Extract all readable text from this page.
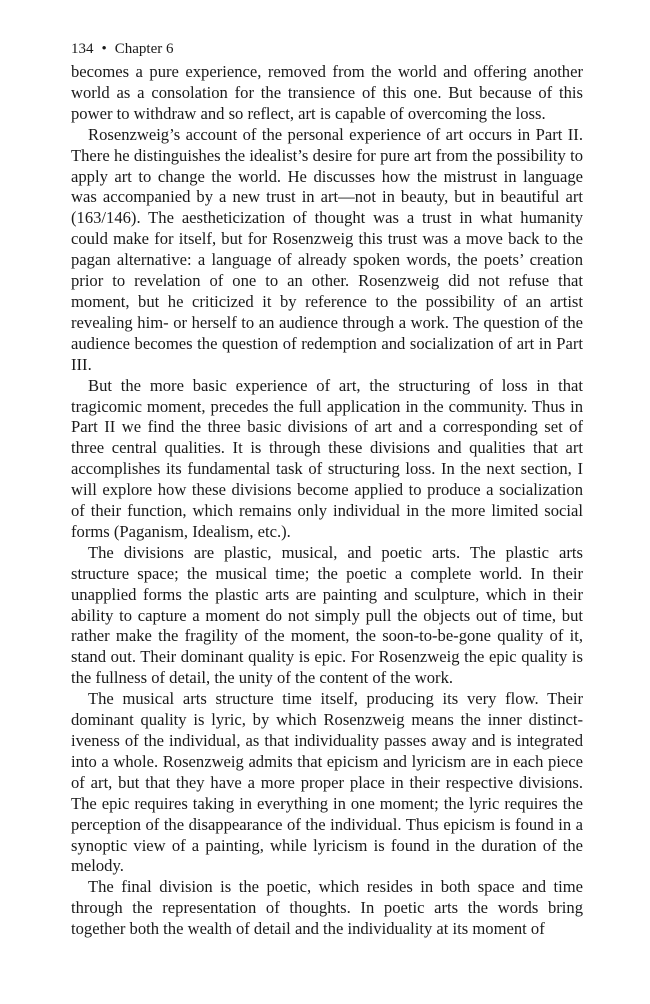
134 • Chapter 6

becomes a pure experience, removed from the world and offering another world as a consolation for the transience of this one. But because of this power to withdraw and so reflect, art is capable of overcoming the loss.

Rosenzweig’s account of the personal experience of art occurs in Part II. There he distinguishes the idealist’s desire for pure art from the possibility to apply art to change the world. He discusses how the mistrust in language was accompanied by a new trust in art—not in beauty, but in beautiful art (163/146). The aestheticization of thought was a trust in what humanity could make for itself, but for Rosenzweig this trust was a move back to the pagan alternative: a language of already spoken words, the poets’ creation prior to revelation of one to an other. Rosenzweig did not refuse that moment, but he criticized it by reference to the possibility of an artist revealing him- or herself to an audience through a work. The question of the audience becomes the question of redemption and socialization of art in Part III.

But the more basic experience of art, the structuring of loss in that tragicomic moment, precedes the full application in the community. Thus in Part II we find the three basic divisions of art and a corresponding set of three central qualities. It is through these divisions and qualities that art accomplishes its fundamental task of structuring loss. In the next section, I will explore how these divisions become applied to produce a socialization of their function, which remains only individual in the more limited social forms (Paganism, Idealism, etc.).

The divisions are plastic, musical, and poetic arts. The plastic arts structure space; the musical time; the poetic a complete world. In their unapplied forms the plastic arts are painting and sculpture, which in their ability to capture a moment do not simply pull the objects out of time, but rather make the fragility of the moment, the soon-to-be-gone quality of it, stand out. Their dominant quality is epic. For Rosenzweig the epic quality is the fullness of detail, the unity of the content of the work.

The musical arts structure time itself, producing its very flow. Their dominant quality is lyric, by which Rosenzweig means the inner distinctiveness of the individual, as that individuality passes away and is integrated into a whole. Rosenzweig admits that epicism and lyricism are in each piece of art, but that they have a more proper place in their respective divisions. The epic requires taking in everything in one moment; the lyric requires the perception of the disappearance of the individual. Thus epicism is found in a synoptic view of a painting, while lyricism is found in the duration of the melody.

The final division is the poetic, which resides in both space and time through the representation of thoughts. In poetic arts the words bring together both the wealth of detail and the individuality at its moment of
